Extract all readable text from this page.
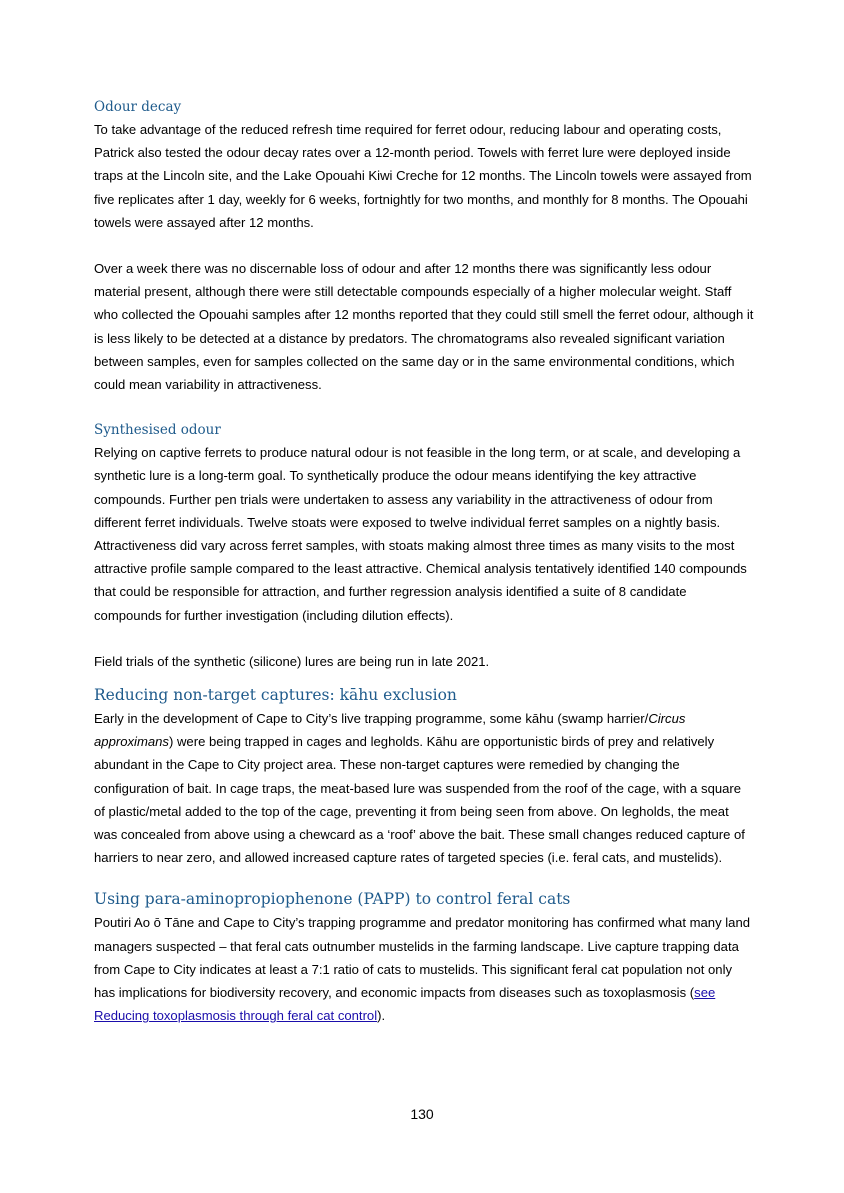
Odour decay

To take advantage of the reduced refresh time required for ferret odour, reducing labour and operating costs, Patrick also tested the odour decay rates over a 12-month period. Towels with ferret lure were deployed inside traps at the Lincoln site, and the Lake Opouahi Kiwi Creche for 12 months. The Lincoln towels were assayed from five replicates after 1 day, weekly for 6 weeks, fortnightly for two months, and monthly for 8 months. The Opouahi towels were assayed after 12 months.

Over a week there was no discernable loss of odour and after 12 months there was significantly less odour material present, although there were still detectable compounds especially of a higher molecular weight. Staff who collected the Opouahi samples after 12 months reported that they could still smell the ferret odour, although it is less likely to be detected at a distance by predators. The chromatograms also revealed significant variation between samples, even for samples collected on the same day or in the same environmental conditions, which could mean variability in attractiveness.

Synthesised odour

Relying on captive ferrets to produce natural odour is not feasible in the long term, or at scale, and developing a synthetic lure is a long-term goal. To synthetically produce the odour means identifying the key attractive compounds. Further pen trials were undertaken to assess any variability in the attractiveness of odour from different ferret individuals. Twelve stoats were exposed to twelve individual ferret samples on a nightly basis. Attractiveness did vary across ferret samples, with stoats making almost three times as many visits to the most attractive profile sample compared to the least attractive. Chemical analysis tentatively identified 140 compounds that could be responsible for attraction, and further regression analysis identified a suite of 8 candidate compounds for further investigation (including dilution effects).

Field trials of the synthetic (silicone) lures are being run in late 2021.

Reducing non-target captures: kāhu exclusion

Early in the development of Cape to City’s live trapping programme, some kāhu (swamp harrier/Circus approximans) were being trapped in cages and legholds. Kāhu are opportunistic birds of prey and relatively abundant in the Cape to City project area. These non-target captures were remedied by changing the configuration of bait. In cage traps, the meat-based lure was suspended from the roof of the cage, with a square of plastic/metal added to the top of the cage, preventing it from being seen from above. On legholds, the meat was concealed from above using a chewcard as a ‘roof’ above the bait. These small changes reduced capture of harriers to near zero, and allowed increased capture rates of targeted species (i.e. feral cats, and mustelids).

Using para-aminopropiophenone (PAPP) to control feral cats

Poutiri Ao ō Tāne and Cape to City’s trapping programme and predator monitoring has confirmed what many land managers suspected – that feral cats outnumber mustelids in the farming landscape. Live capture trapping data from Cape to City indicates at least a 7:1 ratio of cats to mustelids. This significant feral cat population not only has implications for biodiversity recovery, and economic impacts from diseases such as toxoplasmosis (see Reducing toxoplasmosis through feral cat control).

130
